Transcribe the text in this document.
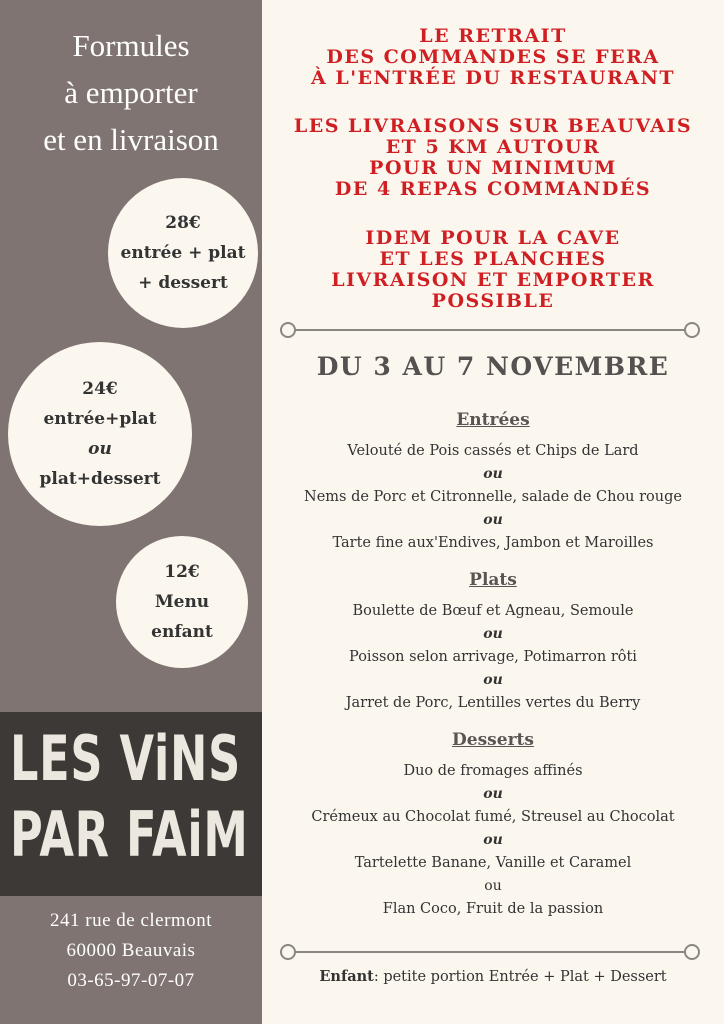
Formules
à emporter
et en livraison
28€
entrée + plat
+ dessert
24€
entrée+plat
ou
plat+dessert
12€
Menu
enfant
LES ViNS
PAR FAiM
241 rue de clermont
60000 Beauvais
03-65-97-07-07
LE RETRAIT
DES COMMANDES SE FERA
À L'ENTRÉE DU RESTAURANT
LES LIVRAISONS SUR BEAUVAIS
ET 5 KM AUTOUR
POUR UN MINIMUM
DE 4 REPAS COMMANDÉS
IDEM POUR LA CAVE
ET LES PLANCHES
LIVRAISON ET EMPORTER
POSSIBLE
DU 3 AU 7 NOVEMBRE
Entrées
Velouté de Pois cassés et Chips de Lard
ou
Nems de Porc et Citronnelle, salade de Chou rouge
ou
Tarte fine aux'Endives, Jambon et Maroilles
Plats
Boulette de Bœuf et Agneau, Semoule
ou
Poisson selon arrivage, Potimarron rôti
ou
Jarret de Porc, Lentilles vertes du Berry
Desserts
Duo de fromages affinés
ou
Crémeux au Chocolat fumé, Streusel au Chocolat
ou
Tartelette Banane, Vanille et Caramel
ou
Flan Coco, Fruit de la passion
Enfant: petite portion Entrée + Plat + Dessert
